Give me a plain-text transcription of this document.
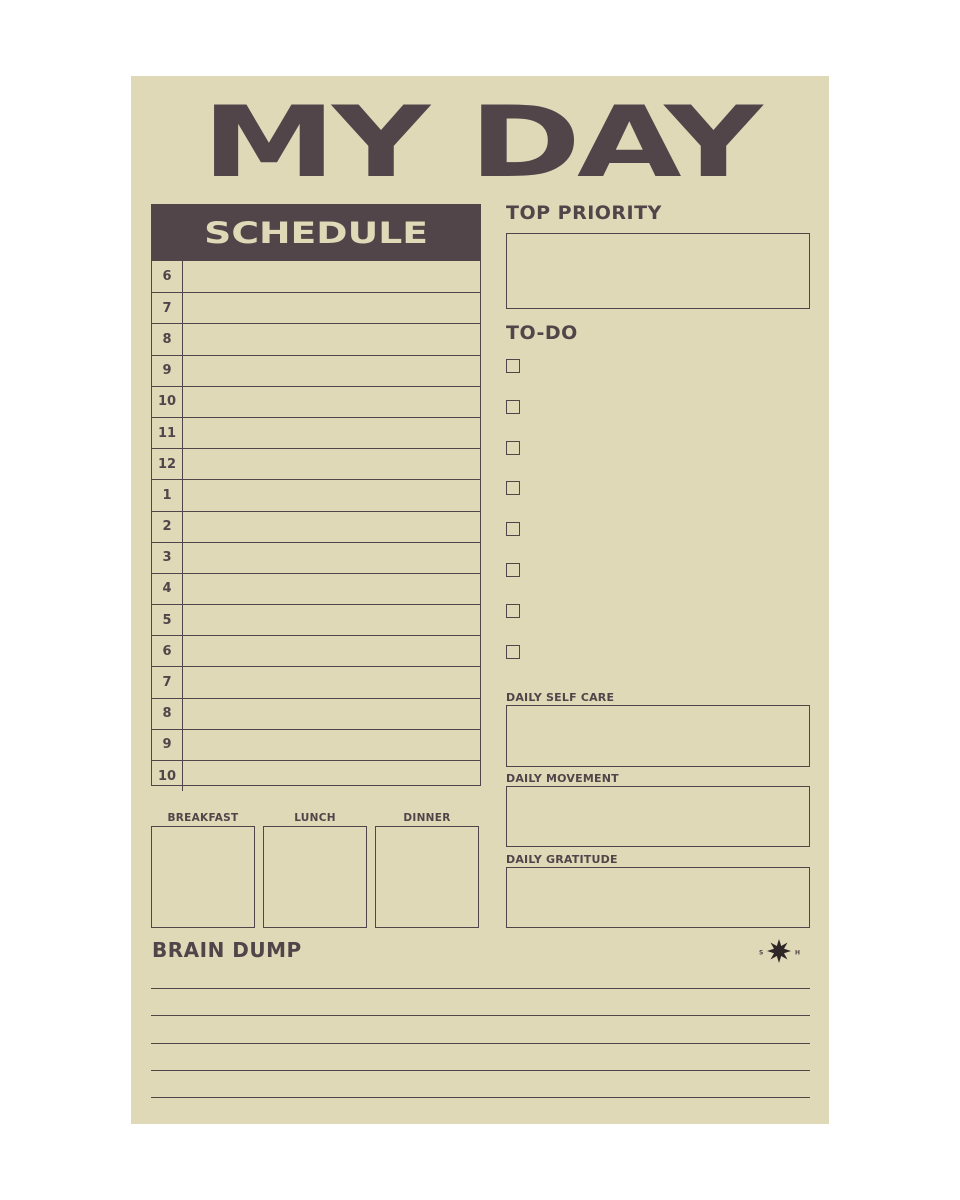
MY DAY
SCHEDULE
6
7
8
9
10
11
12
1
2
3
4
5
6
7
8
9
10
BREAKFAST	LUNCH	DINNER
TOP PRIORITY
TO-DO
DAILY SELF CARE
DAILY MOVEMENT
DAILY GRATITUDE
BRAIN DUMP	S	H
